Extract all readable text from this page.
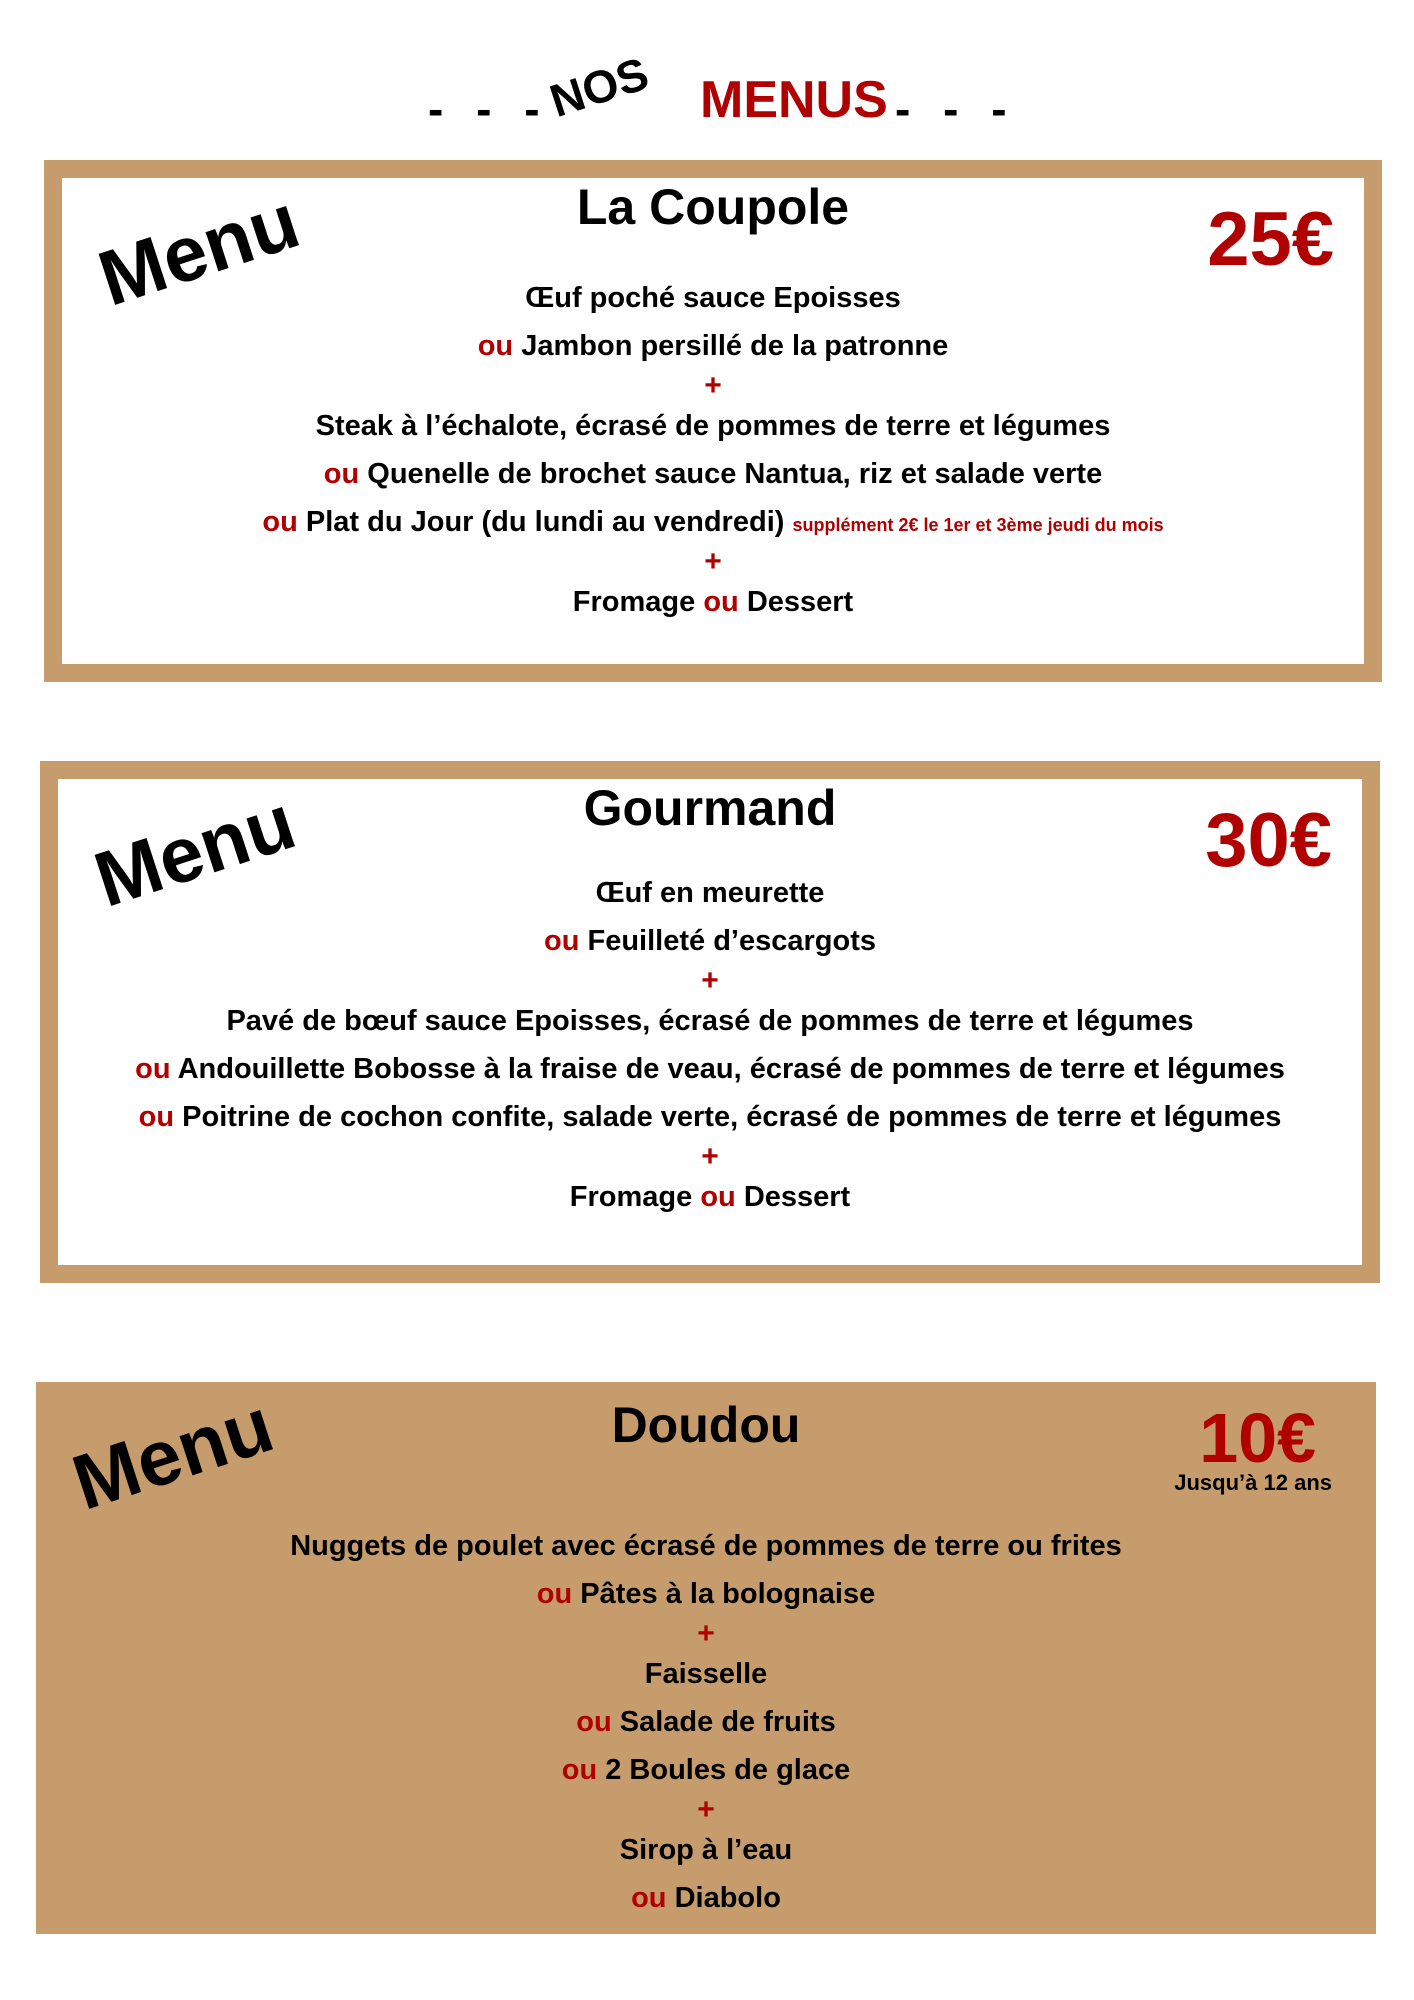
- - -
NOS MENUS - - -
Menu	La Coupole	25€
Œuf poché sauce Epoisses
ou Jambon persillé de la patronne
+
Steak à l’échalote, écrasé de pommes de terre et légumes
ou Quenelle de brochet sauce Nantua, riz et salade verte
ou Plat du Jour (du lundi au vendredi) supplément 2€ le 1er et 3ème jeudi du mois
+
Fromage ou Dessert
Menu	Gourmand	30€
Œuf en meurette
ou Feuilleté d’escargots
+
Pavé de bœuf sauce Epoisses, écrasé de pommes de terre et légumes
ou Andouillette Bobosse à la fraise de veau, écrasé de pommes de terre et légumes
ou Poitrine de cochon confite, salade verte, écrasé de pommes de terre et légumes
+
Fromage ou Dessert
Menu	Doudou	10€
Jusqu’à 12 ans
Nuggets de poulet avec écrasé de pommes de terre ou frites
ou Pâtes à la bolognaise
+
Faisselle
ou Salade de fruits
ou 2 Boules de glace
+
Sirop à l’eau
ou Diabolo
